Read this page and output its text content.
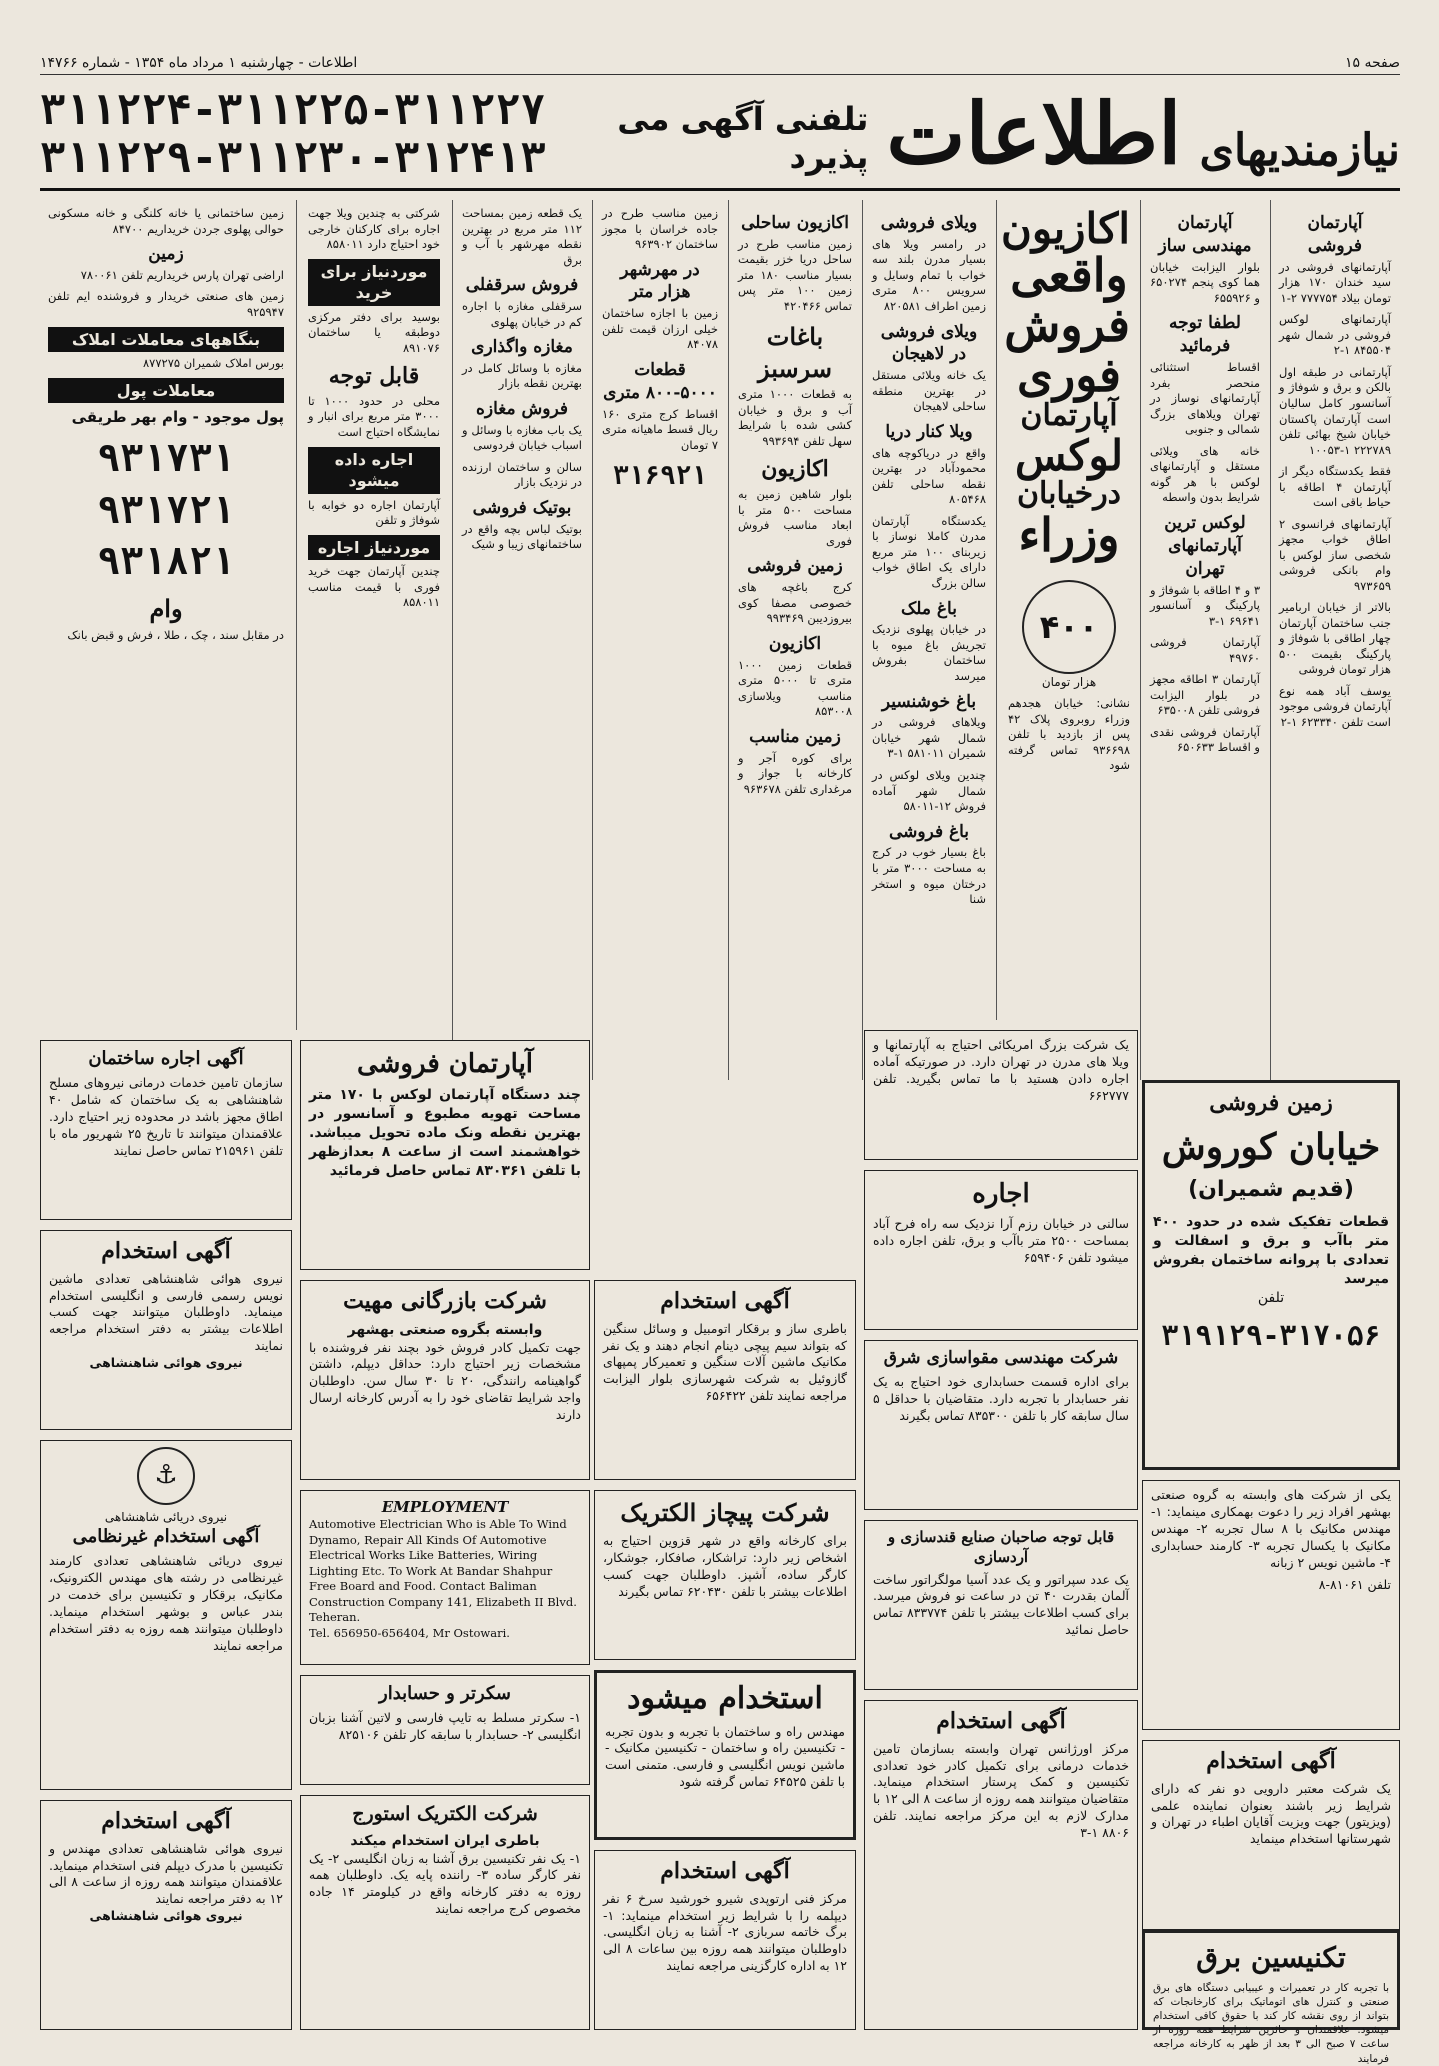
صفحه ۱۵
اطلاعات - چهارشنبه ۱ مرداد ماه ۱۳۵۴ - شماره ۱۴۷۶۶
نیازمندیهای
اطلاعات
تلفنی آگهی می پذیرد
۳۱۱۲۲۴-۳۱۱۲۲۵-۳۱۱۲۲۷
۳۱۱۲۲۹-۳۱۱۲۳۰-۳۱۲۴۱۳
آپارتمان فروشی

آپارتمانهای فروشی در سید خندان ۱۷۰ هزار تومان بیلاد ۷۷۷۷۵۴ ۲-۱

آپارتمانهای لوکس فروشی در شمال شهر ۸۴۵۵۰۴ ۱-۲

آپارتمانی در طبقه اول بالکن و برق و شوفاژ و آسانسور کامل سالیان است آپارتمان پاکستان خیابان شیخ بهائی تلفن ۲۲۲۷۸۹ ۱-۱۰۰۵۳

فقط یکدستگاه دیگر از آپارتمان ۴ اطاقه با حیاط باقی است

آپارتمانهای فرانسوی ۲ اطاق خواب مجهز شخصی ساز لوکس با وام بانکی فروشی ۹۷۳۶۵۹

بالاتر از خیابان اربامیر جنب ساختمان آپارتمان چهار اطاقی با شوفاژ و پارکینگ بقیمت ۵۰۰ هزار تومان فروشی

یوسف آباد همه نوع آپارتمان فروشی موجود است تلفن ۶۲۳۳۴۰ ۱-۲

آپارتمان مهندسی ساز

بلوار الیزابت خیابان هما کوی پنجم ۶۵۰۲۷۴ و ۶۵۵۹۲۶

لطفا توجه فرمائید

اقساط استثنائی منحصر بفرد آپارتمانهای نوساز در تهران ویلاهای بزرگ شمالی و جنوبی

خانه های ویلائی مستقل و آپارتمانهای لوکس با هر گونه شرایط بدون واسطه

لوکس ترین آپارتمانهای تهران

۳ و ۴ اطاقه با شوفاژ و پارکینگ و آسانسور ۶۹۶۴۱ ۱-۳

آپارتمان فروشی ۴۹۷۶۰

آپارتمان ۳ اطاقه مجهز در بلوار الیزابت فروشی تلفن ۶۳۵۰۰۸

آپارتمان فروشی نقدی و اقساط ۶۵۰۶۳۳

اکازیون
واقعی
فروش
فوری
آپارتمان
لوکس
درخیابان
وزراء
۴۰۰
هزار تومان

نشانی: خیابان هجدهم وزراء روبروی پلاک ۴۲ پس از بازدید با تلفن ۹۳۶۶۹۸ تماس گرفته شود

ویلای فروشی

در رامسر ویلا های بسیار مدرن بلند سه خواب با تمام وسایل و سرویس ۸۰۰ متری زمین اطراف ۸۲۰۵۸۱

ویلای فروشی در لاهیجان

یک خانه ویلائی مستقل در بهترین منطقه ساحلی لاهیجان

ویلا کنار دریا

واقع در دریاکوچه های محمودآباد در بهترین نقطه ساحلی تلفن ۸۰۵۴۶۸

یکدستگاه آپارتمان مدرن کاملا نوساز با زیربنای ۱۰۰ متر مربع دارای یک اطاق خواب سالن بزرگ

باغ ملک

در خیابان پهلوی نزدیک تجریش باغ میوه با ساختمان بفروش میرسد

باغ خوشنسیر

ویلاهای فروشی در شمال شهر خیابان شمیران ۵۸۱۰۱۱ ۱-۳

چندین ویلای لوکس در شمال شهر آماده فروش ۱۲-۵۸۰۱۱

باغ فروشی

باغ بسیار خوب در کرج به مساحت ۳۰۰۰ متر با درختان میوه و استخر شنا

اکازیون ساحلی

زمین مناسب طرح در ساحل دریا خزر بقیمت بسیار مناسب ۱۸۰ متر زمین ۱۰۰ متر پس تماس ۴۲۰۴۶۶

باغات سرسبز

به قطعات ۱۰۰۰ متری آب و برق و خیابان کشی شده با شرایط سهل تلفن ۹۹۳۶۹۴

اکازیون

بلوار شاهین زمین به مساحت ۵۰۰ متر با ابعاد مناسب فروش فوری

زمین فروشی

کرج باغچه های خصوصی مصفا کوی بیروزدیبن ۹۹۳۴۶۹

اکازیون

قطعات زمین ۱۰۰۰ متری تا ۵۰۰۰ متری مناسب ویلاسازی ۸۵۳۰۰۸

زمین مناسب

برای کوره آجر و کارخانه با جواز و مرغداری تلفن ۹۶۳۶۷۸

زمین مناسب طرح در جاده خراسان با مجوز ساختمان ۹۶۳۹۰۲

در مهرشهر هزار متر

زمین با اجازه ساختمان خیلی ارزان قیمت تلفن ۸۴۰۷۸

قطعات ۵۰۰۰-۸۰۰ متری

اقساط کرج متری ۱۶۰ ریال قسط ماهیانه متری ۷ تومان

۳۱۶۹۲۱

یک قطعه زمین بمساحت ۱۱۲ متر مربع در بهترین نقطه مهرشهر با آب و برق

فروش سرقفلی

سرقفلی مغازه با اجاره کم در خیابان پهلوی

مغازه واگذاری

مغازه با وسائل کامل در بهترین نقطه بازار

فروش مغازه

یک باب مغازه با وسائل و اسباب خیابان فردوسی

سالن و ساختمان ارزنده در نزدیک بازار

بوتیک فروشی

بوتیک لباس بچه واقع در ساختمانهای زیبا و شیک

شرکتی به چندین ویلا جهت اجاره برای کارکنان خارجی خود احتیاج دارد ۸۵۸۰۱۱

موردنیاز برای خرید

بوسید برای دفتر مرکزی دوطبقه یا ساختمان ۸۹۱۰۷۶

قابل توجه

محلی در حدود ۱۰۰۰ تا ۳۰۰۰ متر مربع برای انبار و نمایشگاه احتیاج است

اجاره داده میشود

آپارتمان اجاره دو خوابه با شوفاژ و تلفن

موردنیاز اجاره

چندین آپارتمان جهت خرید فوری با قیمت مناسب ۸۵۸۰۱۱

زمین ساختمانی یا خانه کلنگی و خانه مسکونی حوالی پهلوی جردن خریداریم ۸۴۷۰۰

زمین

اراضی تهران پارس خریداریم تلفن ۷۸۰۰۶۱

زمین های صنعتی خریدار و فروشنده ایم تلفن ۹۲۵۹۴۷

بنگاههای معاملات املاک

بورس املاک شمیران ۸۷۷۲۷۵

معاملات پول

پول موجود - وام بهر طریقی

۹۳۱۷۳۱
۹۳۱۷۲۱
۹۳۱۸۲۱
وام

در مقابل سند ، چک ، طلا ، فرش و قبض بانک

زمین فروشی
خیابان کوروش
(قدیم شمیران)

قطعات تفکیک شده در حدود ۴۰۰ متر باآب و برق و اسفالت و تعدادی با پروانه ساختمان بفروش میرسد

تلفن
۳۱۹۱۲۹-۳۱۷۰۵۶

یکی از شرکت های وابسته به گروه صنعتی بهشهر افراد زیر را دعوت بهمکاری مینماید: ۱- مهندس مکانیک با ۸ سال تجربه ۲- مهندس مکانیک با یکسال تجربه ۳- کارمند حسابداری ۴- ماشین نویس ۲ زبانه

تلفن ۸۱۰۶۱-۸

آگهی استخدام

یک شرکت معتبر دارویی دو نفر که دارای شرایط زیر باشند بعنوان نماینده علمی (ویزیتور) جهت ویزیت آقایان اطباء در تهران و شهرستانها استخدام مینماید

تکنیسین برق

با تجربه کار در تعمیرات و عیبیابی دستگاه های برق صنعتی و کنترل های اتوماتیک برای کارخانجات که بتواند از روی نقشه کار کند با حقوق کافی استخدام میشود. علاقمندان و حائزین شرایط همه روزه از ساعت ۷ صبح الی ۳ بعد از ظهر به کارخانه مراجعه فرمایند

یک شرکت بزرگ امریکائی احتیاج به آپارتمانها و ویلا های مدرن در تهران دارد. در صورتیکه آماده اجاره دادن هستید با ما تماس بگیرید. تلفن ۶۶۲۷۷۷

اجاره

سالنی در خیابان رزم آرا نزدیک سه راه فرح آباد بمساحت ۲۵۰۰ متر باآب و برق، تلفن اجاره داده میشود تلفن ۶۵۹۴۰۶

شرکت مهندسی مقواسازی شرق

برای اداره قسمت حسابداری خود احتیاج به یک نفر حسابدار با تجربه دارد. متقاضیان با حداقل ۵ سال سابقه کار با تلفن ۸۳۵۳۰۰ تماس بگیرند

قابل توجه صاحبان صنایع قندسازی و آردسازی

یک عدد سپراتور و یک عدد آسیا مولگراتور ساخت آلمان بقدرت ۴۰ تن در ساعت نو فروش میرسد. برای کسب اطلاعات بیشتر با تلفن ۸۳۳۷۷۴ تماس حاصل نمائید

آگهی استخدام

مرکز اورژانس تهران وابسته بسازمان تامین خدمات درمانی برای تکمیل کادر خود تعدادی تکنیسین و کمک پرستار استخدام مینماید. متقاضیان میتوانند همه روزه از ساعت ۸ الی ۱۲ با مدارک لازم به این مرکز مراجعه نمایند. تلفن ۸۸۰۶ ۱-۳

آپارتمان فروشی

چند دستگاه آپارتمان لوکس با ۱۷۰ متر مساحت تهویه مطبوع و آسانسور در بهترین نقطه ونک ماده تحویل میباشد. خواهشمند است از ساعت ۸ بعدازظهر با تلفن ۸۳۰۳۶۱ تماس حاصل فرمائید

شرکت بازرگانی مهیت
وابسته بگروه صنعتی بهشهر

جهت تکمیل کادر فروش خود بچند نفر فروشنده با مشخصات زیر احتیاج دارد: حداقل دیپلم، داشتن گواهینامه رانندگی، ۲۰ تا ۳۰ سال سن. داوطلبان واجد شرایط تقاضای خود را به آدرس کارخانه ارسال دارند

EMPLOYMENT

Automotive Electrician Who is Able To Wind Dynamo, Repair All Kinds Of Automotive Electrical Works Like Batteries, Wiring Lighting Etc. To Work At Bandar Shahpur Free Board and Food. Contact Baliman Construction Company 141, Elizabeth II Blvd. Teheran.

Tel. 656950-656404, Mr Ostowari.

سکرتر و حسابدار

۱- سکرتر مسلط به تایپ فارسی و لاتین آشنا بزبان انگلیسی ۲- حسابدار با سابقه کار تلفن ۸۲۵۱۰۶

شرکت الکتریک استورج
باطری ایران استخدام میکند

۱- یک نفر تکنیسین برق آشنا به زبان انگلیسی ۲- یک نفر کارگر ساده ۳- راننده پایه یک. داوطلبان همه روزه به دفتر کارخانه واقع در کیلومتر ۱۴ جاده مخصوص کرج مراجعه نمایند

آگهی استخدام

باطری ساز و برقکار اتومبیل و وسائل سنگین که بتواند سیم پیچی دینام انجام دهند و یک نفر مکانیک ماشین آلات سنگین و تعمیرکار پمپهای گازوئیل به شرکت شهرسازی بلوار الیزابت مراجعه نمایند تلفن ۶۵۶۴۲۲

شرکت پیچاز الکتریک

برای کارخانه واقع در شهر قزوین احتیاج به اشخاص زیر دارد: تراشکار، صافکار، جوشکار، کارگر ساده، آشپز. داوطلبان جهت کسب اطلاعات بیشتر با تلفن ۶۲۰۴۳۰ تماس بگیرند

استخدام میشود

مهندس راه و ساختمان با تجربه و بدون تجربه - تکنیسین راه و ساختمان - تکنیسین مکانیک - ماشین نویس انگلیسی و فارسی. متمنی است با تلفن ۶۴۵۲۵ تماس گرفته شود

آگهی استخدام

مرکز فنی ارتوپدی شیرو خورشید سرخ ۶ نفر دیپلمه را با شرایط زیر استخدام مینماید: ۱- برگ خاتمه سربازی ۲- آشنا به زبان انگلیسی. داوطلبان میتوانند همه روزه بین ساعات ۸ الی ۱۲ به اداره کارگزینی مراجعه نمایند

آگهی اجاره ساختمان

سازمان تامین خدمات درمانی نیروهای مسلح شاهنشاهی به یک ساختمان که شامل ۴۰ اطاق مجهز باشد در محدوده زیر احتیاج دارد. علاقمندان میتوانند تا تاریخ ۲۵ شهریور ماه با تلفن ۲۱۵۹۶۱ تماس حاصل نمایند

آگهی استخدام

نیروی هوائی شاهنشاهی تعدادی ماشین نویس رسمی فارسی و انگلیسی استخدام مینماید. داوطلبان میتوانند جهت کسب اطلاعات بیشتر به دفتر استخدام مراجعه نمایند

نیروی هوائی شاهنشاهی

⚓
نیروی دریائی شاهنشاهی
آگهی استخدام غیرنظامی

نیروی دریائی شاهنشاهی تعدادی کارمند غیرنظامی در رشته های مهندس الکترونیک، مکانیک، برقکار و تکنیسین برای خدمت در بندر عباس و بوشهر استخدام مینماید. داوطلبان میتوانند همه روزه به دفتر استخدام مراجعه نمایند

آگهی استخدام

نیروی هوائی شاهنشاهی تعدادی مهندس و تکنیسین با مدرک دیپلم فنی استخدام مینماید. علاقمندان میتوانند همه روزه از ساعت ۸ الی ۱۲ به دفتر مراجعه نمایند

نیروی هوائی شاهنشاهی
